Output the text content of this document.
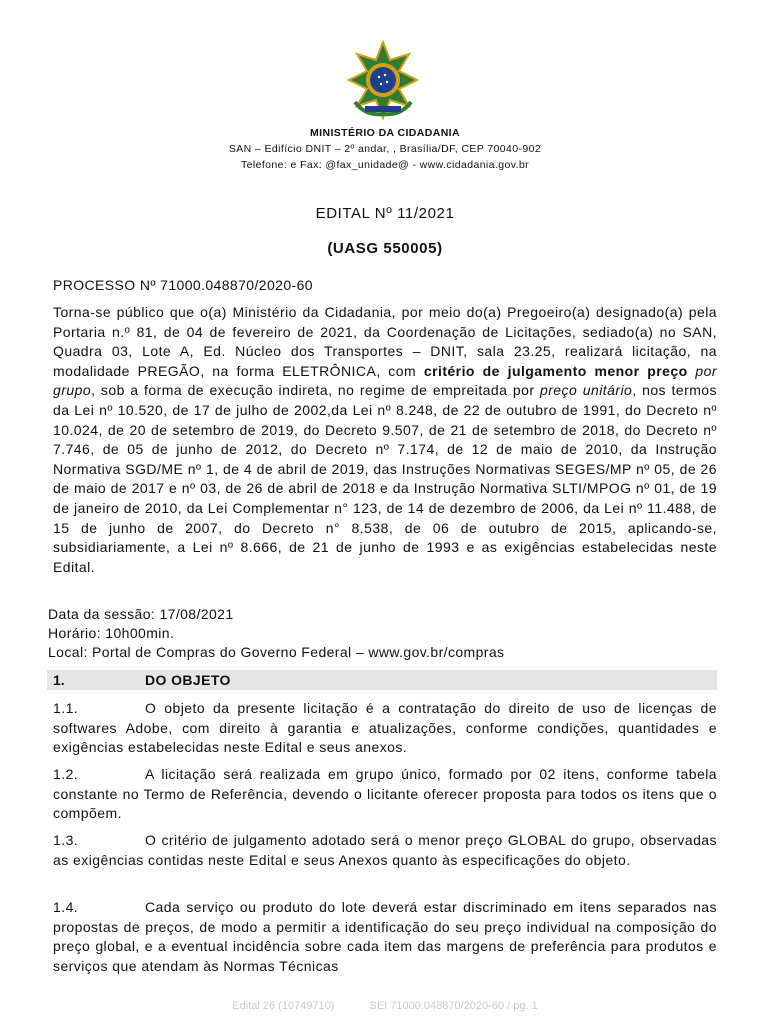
MINISTÉRIO DA CIDADANIA
SAN – Edifício DNIT – 2º andar, , Brasília/DF, CEP 70040-902
Telefone: e Fax: @fax_unidade@ - www.cidadania.gov.br
EDITAL Nº 11/2021
(UASG 550005)
PROCESSO Nº 71000.048870/2020-60
Torna-se público que o(a) Ministério da Cidadania, por meio do(a) Pregoeiro(a) designado(a) pela Portaria n.º 81, de 04 de fevereiro de 2021, da Coordenação de Licitações, sediado(a) no SAN, Quadra 03, Lote A, Ed. Núcleo dos Transportes – DNIT, sala 23.25, realizará licitação, na modalidade PREGÃO, na forma ELETRÔNICA, com critério de julgamento menor preço por grupo, sob a forma de execução indireta, no regime de empreitada por preço unitário, nos termos da Lei nº 10.520, de 17 de julho de 2002,da Lei nº 8.248, de 22 de outubro de 1991, do Decreto nº 10.024, de 20 de setembro de 2019, do Decreto 9.507, de 21 de setembro de 2018, do Decreto nº 7.746, de 05 de junho de 2012, do Decreto nº 7.174, de 12 de maio de 2010, da Instrução Normativa SGD/ME nº 1, de 4 de abril de 2019, das Instruções Normativas SEGES/MP nº 05, de 26 de maio de 2017 e nº 03, de 26 de abril de 2018 e da Instrução Normativa SLTI/MPOG nº 01, de 19 de janeiro de 2010, da Lei Complementar n° 123, de 14 de dezembro de 2006, da Lei nº 11.488, de 15 de junho de 2007, do Decreto n° 8.538, de 06 de outubro de 2015, aplicando-se, subsidiariamente, a Lei nº 8.666, de 21 de junho de 1993 e as exigências estabelecidas neste Edital.
Data da sessão: 17/08/2021
Horário: 10h00min.
Local: Portal de Compras do Governo Federal – www.gov.br/compras
1.	DO OBJETO
1.1.	O objeto da presente licitação é a contratação do direito de uso de licenças de softwares Adobe, com direito à garantia e atualizações, conforme condições, quantidades e exigências estabelecidas neste Edital e seus anexos.
1.2.	A licitação será realizada em grupo único, formado por 02 itens, conforme tabela constante no Termo de Referência, devendo o licitante oferecer proposta para todos os itens que o compõem.
1.3.	O critério de julgamento adotado será o menor preço GLOBAL do grupo, observadas as exigências contidas neste Edital e seus Anexos quanto às especificações do objeto.
1.4.	Cada serviço ou produto do lote deverá estar discriminado em itens separados nas propostas de preços, de modo a permitir a identificação do seu preço individual na composição do preço global, e a eventual incidência sobre cada item das margens de preferência para produtos e serviços que atendam às Normas Técnicas
Edital 26 (10749710)	SEI 71000.048870/2020-60 / pg. 1
